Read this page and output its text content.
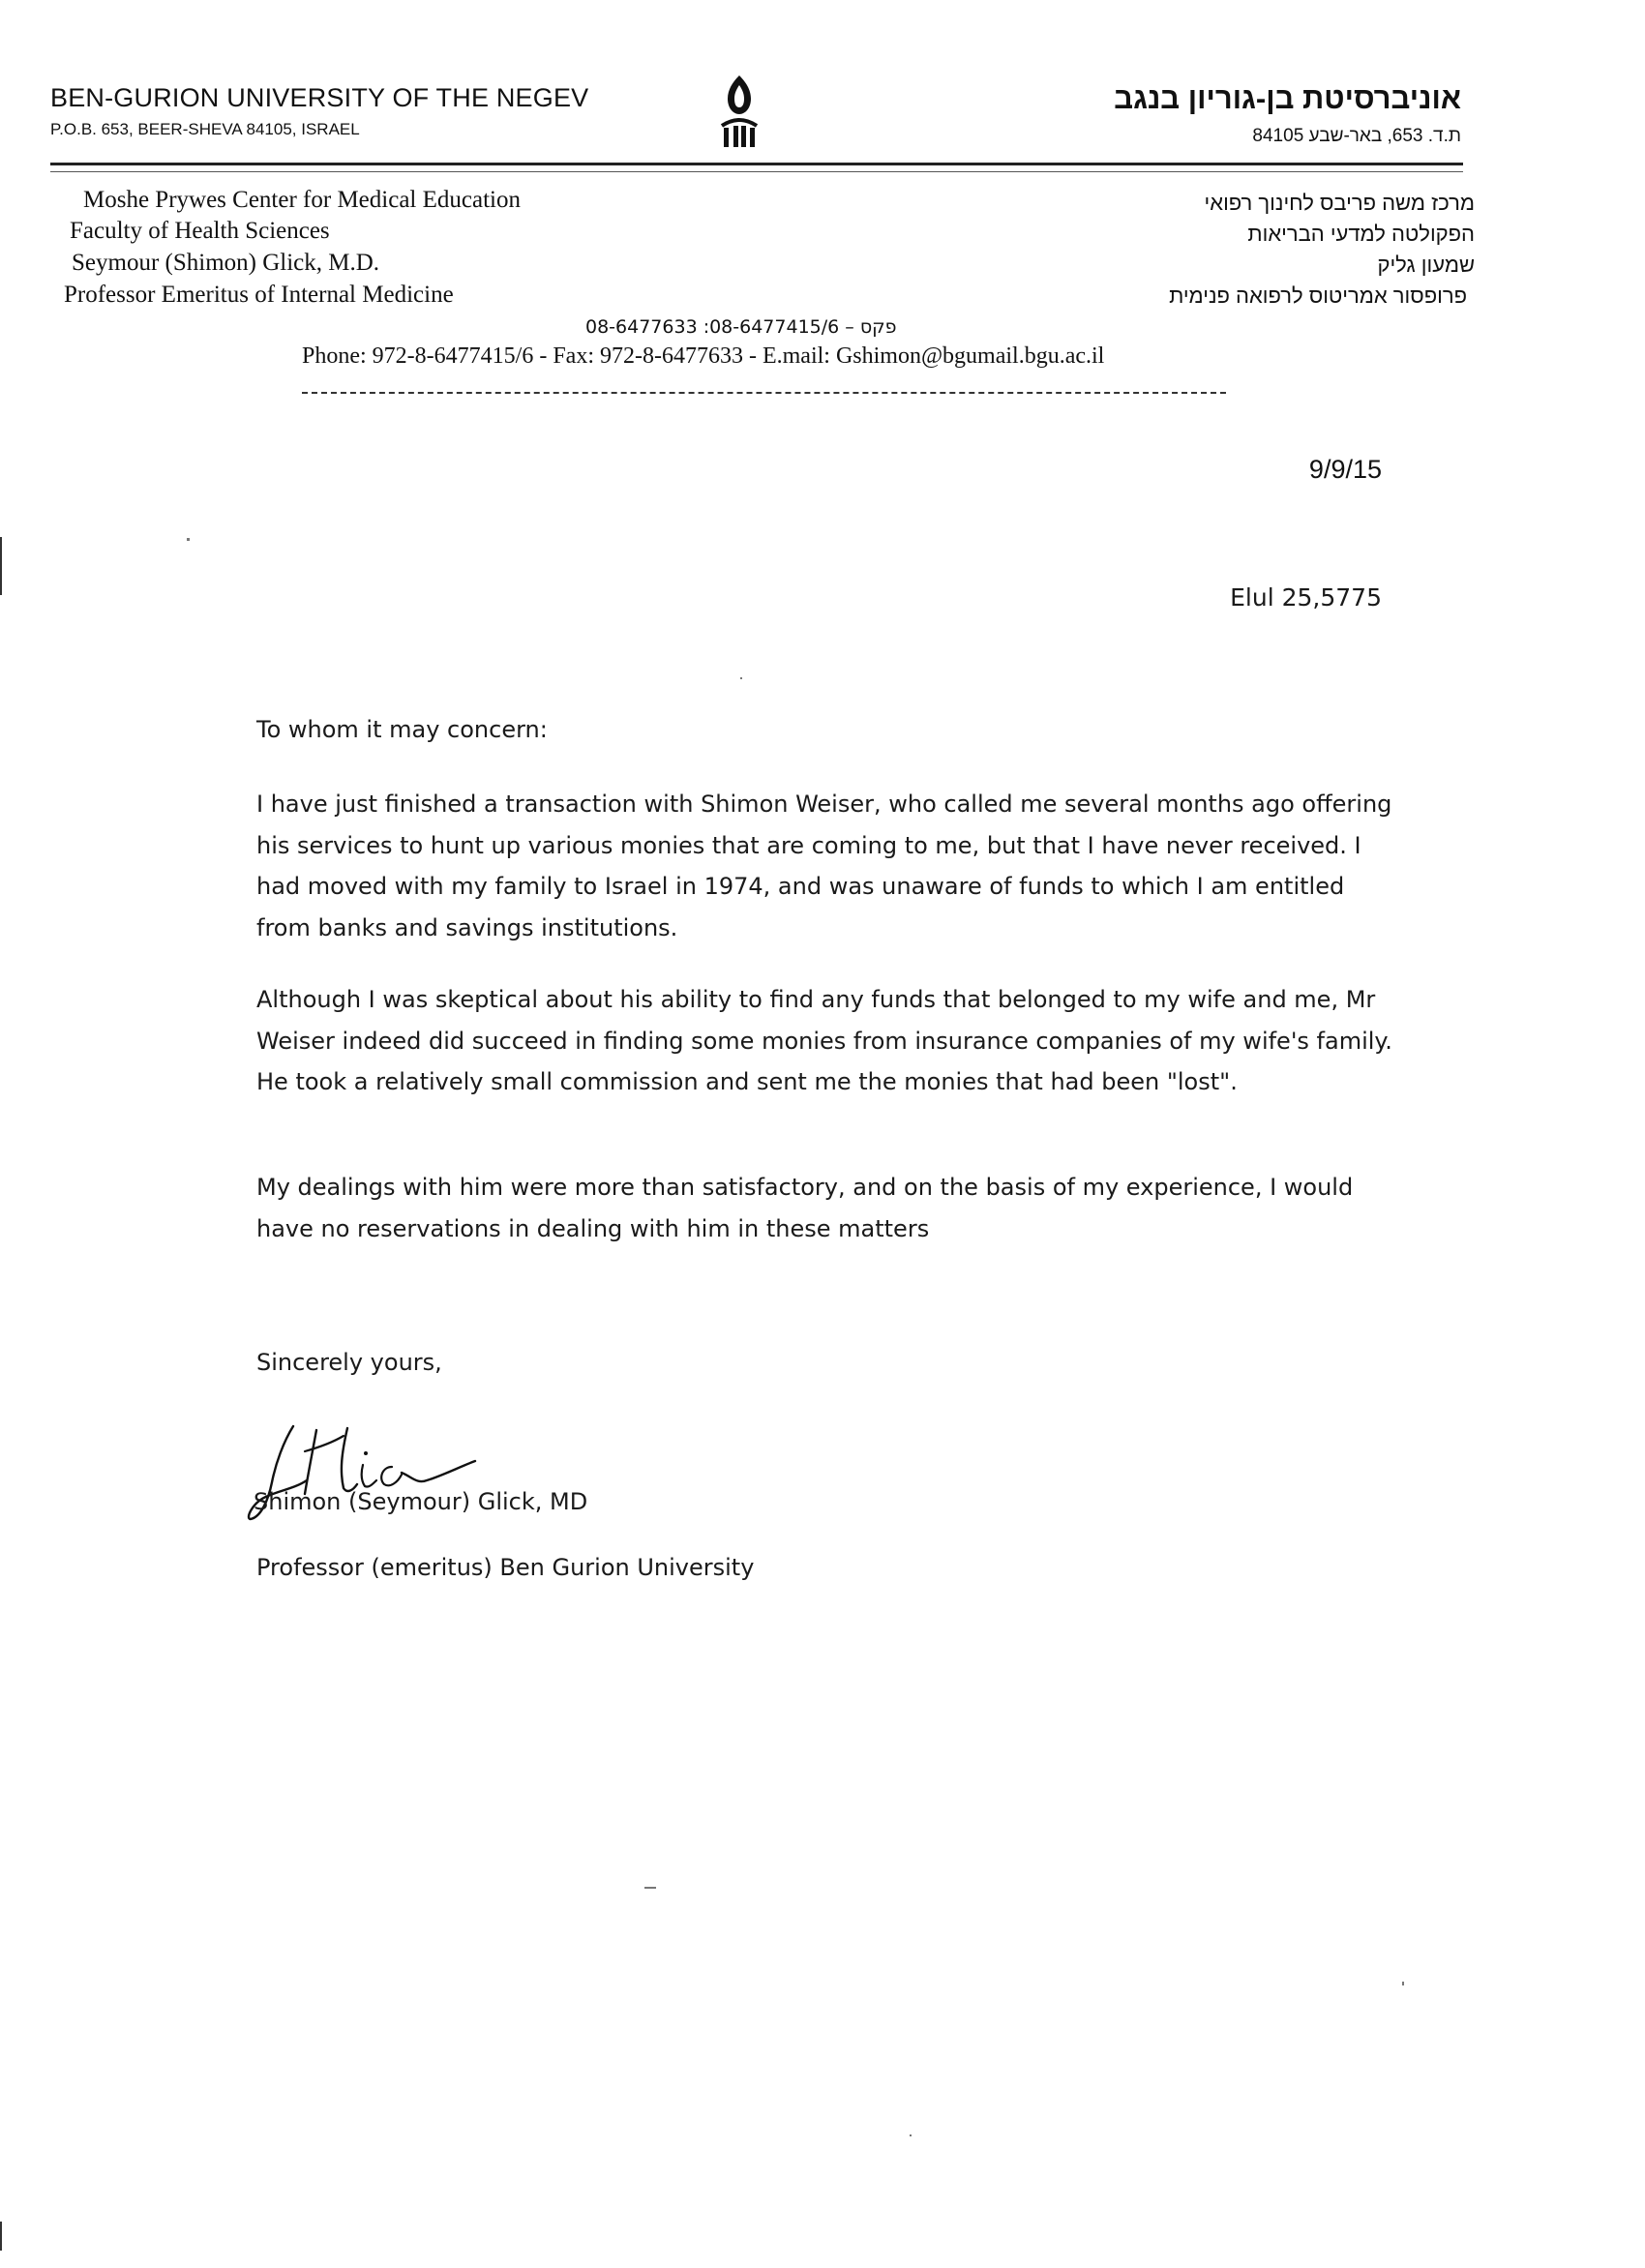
BEN-GURION UNIVERSITY OF THE NEGEV
P.O.B. 653, BEER-SHEVA 84105, ISRAEL
אוניברסיטת בן-גוריון בנגב
ת.ד. 653, באר-שבע 84105
Moshe Prywes Center for Medical Education
Faculty of Health Sciences
Seymour (Shimon) Glick, M.D.
Professor Emeritus of Internal Medicine
מרכז משה פריבס לחינוך רפואי
הפקולטה למדעי הבריאות
שמעון גליק
פרופסור אמריטוס לרפואה פנימית
08-6477633 :פקס – 08-6477415/6
Phone: 972-8-6477415/6 - Fax: 972-8-6477633 - E.mail: Gshimon@bgumail.bgu.ac.il
9/9/15
Elul 25,5775
To whom it may concern:

I have just finished a transaction with Shimon Weiser, who called me several months ago offering his services to hunt up various monies that are coming to me, but that I have never received. I had moved with my family to Israel in 1974, and was unaware of funds to which I am entitled from banks and savings institutions.

Although I was skeptical about his ability to find any funds that belonged to my wife and me, Mr Weiser indeed did succeed in finding some monies from insurance companies of my wife's family. He took a relatively small commission and sent me the monies that had been "lost".

My dealings with him were more than satisfactory, and on the basis of my experience, I would have no reservations in dealing with him in these matters

Sincerely yours,
Shimon (Seymour) Glick, MD
Professor (emeritus) Ben Gurion University
